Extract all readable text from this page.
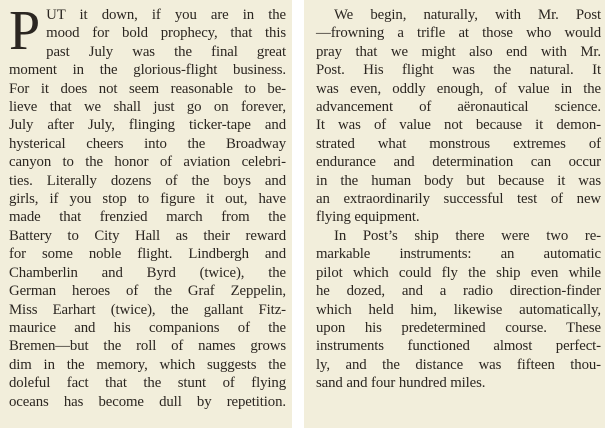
P UT it down, if you are in the
mood for bold prophecy, that this
past July was the final great
moment in the glorious-flight business.
For it does not seem reasonable to be-
lieve that we shall just go on forever,
July after July, flinging ticker-tape and
hysterical cheers into the Broadway
canyon to the honor of aviation celebri-
ties. Literally dozens of the boys and
girls, if you stop to figure it out, have
made that frenzied march from the
Battery to City Hall as their reward
for some noble flight. Lindbergh and
Chamberlin and Byrd (twice), the
German heroes of the Graf Zeppelin,
Miss Earhart (twice), the gallant Fitz-
maurice and his companions of the
Bremen—but the roll of names grows
dim in the memory, which suggests the
doleful fact that the stunt of flying
oceans has become dull by repetition.
We begin, naturally, with Mr. Post
—frowning a trifle at those who would
pray that we might also end with Mr.
Post. His flight was the natural. It
was even, oddly enough, of value in the
advancement of aëronautical science.
It was of value not because it demon-
strated what monstrous extremes of
endurance and determination can occur
in the human body but because it was
an extraordinarily successful test of new
flying equipment.
In Post’s ship there were two re-
markable instruments: an automatic
pilot which could fly the ship even while
he dozed, and a radio direction-finder
which held him, likewise automatically,
upon his predetermined course. These
instruments functioned almost perfect-
ly, and the distance was fifteen thou-
sand and four hundred miles.
